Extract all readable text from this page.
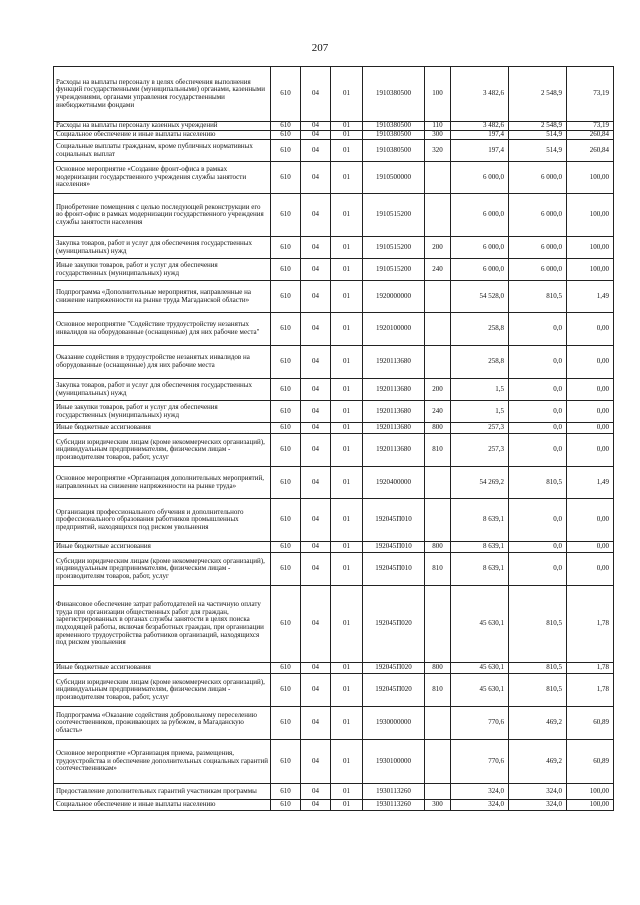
207
Расходы на выплаты персоналу в целях обеспечения выполнения функций государственными (муниципальными) органами, казенными учреждениями, органами управления государственными внебюджетными фондами	610	04	01	1910380500	100	3 482,6	2 548,9	73,19
Расходы на выплаты персоналу казенных учреждений	610	04	01	1910380500	110	3 482,6	2 548,9	73,19
Социальное обеспечение и иные выплаты населению	610	04	01	1910380500	300	197,4	514,9	260,84
Социальные выплаты гражданам, кроме публичных нормативных социальных выплат	610	04	01	1910380500	320	197,4	514,9	260,84
Основное мероприятие «Создание фронт-офиса в рамках модернизации государственного учреждения службы занятости населения»	610	04	01	1910500000		6 000,0	6 000,0	100,00
Приобретение помещения с целью последующей реконструкции его во фронт-офис в рамках модернизации государственного учреждения службы занятости населения	610	04	01	1910515200		6 000,0	6 000,0	100,00
Закупка товаров, работ и услуг для обеспечения государственных (муниципальных) нужд	610	04	01	1910515200	200	6 000,0	6 000,0	100,00
Иные закупки товаров, работ и услуг для обеспечения государственных (муниципальных) нужд	610	04	01	1910515200	240	6 000,0	6 000,0	100,00
Подпрограмма «Дополнительные мероприятия, направленные на снижение напряженности на рынке труда Магаданской области»	610	04	01	1920000000		54 528,0	810,5	1,49
Основное мероприятие "Содействие трудоустройству незанятых инвалидов на оборудованные (оснащенные) для них рабочие места"	610	04	01	1920100000		258,8	0,0	0,00
Оказание содействия в трудоустройстве незанятых инвалидов на оборудованные (оснащенные) для них рабочие места	610	04	01	1920113680		258,8	0,0	0,00
Закупка товаров, работ и услуг для обеспечения государственных (муниципальных) нужд	610	04	01	1920113680	200	1,5	0,0	0,00
Иные закупки товаров, работ и услуг для обеспечения государственных (муниципальных) нужд	610	04	01	1920113680	240	1,5	0,0	0,00
Иные бюджетные ассигнования	610	04	01	1920113680	800	257,3	0,0	0,00
Субсидии юридическим лицам (кроме некоммерческих организаций), индивидуальным предпринимателям, физическим лицам - производителям товаров, работ, услуг	610	04	01	1920113680	810	257,3	0,0	0,00
Основное мероприятие «Организация дополнительных мероприятий, направленных на снижение напряженности на рынке труда»	610	04	01	1920400000		54 269,2	810,5	1,49
Организация профессионального обучения и дополнительного профессионального образования работников промышленных предприятий, находящихся под риском увольнения	610	04	01	192045П010		8 639,1	0,0	0,00
Иные бюджетные ассигнования	610	04	01	192045П010	800	8 639,1	0,0	0,00
Субсидии юридическим лицам (кроме некоммерческих организаций), индивидуальным предпринимателям, физическим лицам - производителям товаров, работ, услуг	610	04	01	192045П010	810	8 639,1	0,0	0,00
Финансовое обеспечение затрат работодателей на частичную оплату труда при организации общественных работ для граждан, зарегистрированных в органах службы занятости в целях поиска подходящей работы, включая безработных граждан, при организации временного трудоустройства работников организаций, находящихся под риском увольнения	610	04	01	192045П020		45 630,1	810,5	1,78
Иные бюджетные ассигнования	610	04	01	192045П020	800	45 630,1	810,5	1,78
Субсидии юридическим лицам (кроме некоммерческих организаций), индивидуальным предпринимателям, физическим лицам - производителям товаров, работ, услуг	610	04	01	192045П020	810	45 630,1	810,5	1,78
Подпрограмма «Оказание содействия добровольному переселению соотечественников, проживающих за рубежом, в Магаданскую область»	610	04	01	1930000000		770,6	469,2	60,89
Основное мероприятие «Организация приема, размещения, трудоустройства и обеспечение дополнительных социальных гарантий соотечественникам»	610	04	01	1930100000		770,6	469,2	60,89
Предоставление дополнительных гарантий участникам программы	610	04	01	1930113260		324,0	324,0	100,00
Социальное обеспечение и иные выплаты населению	610	04	01	1930113260	300	324,0	324,0	100,00
